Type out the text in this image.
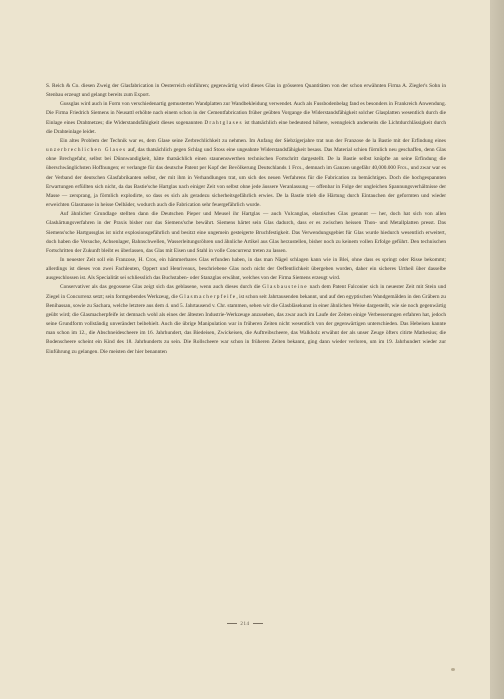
S. Reich & Co. diesen Zweig der Glasfabrication in Oesterreich einführen; gegenwärtig wird dieses Glas in grösseren Quantitäten von der schon erwähnten Firma A. Ziegler's Sohn in Stenbau erzeugt und gelangt bereits zum Export.

Gussglas wird auch in Form von verschiedenartig gemusterten Wandplatten zur Wandbekleidung verwendet. Auch als Fussbodenbelag fand es besonders in Frankreich Anwendung. Die Firma Friedrich Siemens in Neusattl erhöhte nach einem schon in der Cementfabrication früher geübten Vorgange die Widerstandsfähigkeit solcher Glasplatten wesentlich durch die Einlage eines Drahtnetzes; die Widerstandsfähigkeit dieses sogenannten Drahtglases ist thatsächlich eine bedeutend höhere, wenngleich anderseits die Lichtdurchlässigkeit durch die Drahteinlage leidet.

Ein altes Problem der Technik war es, dem Glase seine Zerbrechlichkeit zu nehmen. Im Anfang der Siebzigerjahre trat nun der Franzose de la Bastie mit der Erfindung eines unzerbrechlichen Glases auf, das thatsächlich gegen Schlag und Stoss eine ungeahnte Widerstandsfähigkeit besass. Das Material schien förmlich neu geschaffen, denn Glas ohne Brechgefahr, selbst bei Dünnwandigkeit, hätte thatsächlich einen staunenswerthen technischen Fortschritt dargestellt. De la Bastie selbst knüpfte an seine Erfindung die überschwänglichsten Hoffnungen; er verlangte für das deutsche Patent per Kopf der Bevölkerung Deutschlands 1 Frcs., demnach im Ganzen ungefähr 40,000.000 Frcs., und zwar war es der Verband der deutschen Glasfabrikanten selbst, der mit ihm in Verhandlungen trat, um sich des neuen Verfahrens für die Fabrication zu bemächtigen. Doch die hochgespannten Erwartungen erfüllten sich nicht, da das Bastie'sche Hartglas nach einiger Zeit von selbst ohne jede äussere Veranlassung — offenbar in Folge der ungleichen Spannungsverhältnisse der Masse — zersprang, ja förmlich explodirte, so dass es sich als geradezu sicherheitsgefährlich erwies. De la Bastie trieb die Härtung durch Eintauchen der geformten und wieder erweichten Glasmasse in heisse Oelbäder, wodurch auch die Fabrication sehr feuergefährlich wurde.

Auf ähnlicher Grundlage stellten dann die Deutschen Pieper und Meusel ihr Hartglas — auch Vulcanglas, elastisches Glas genannt — her, doch hat sich von allen Glashärtungsverfahren in der Praxis bisher nur das Siemens'sche bewährt. Siemens härtet sein Glas dadurch, dass er es zwischen heissen Thon- und Metallplatten presst. Das Siemens'sche Hartgussglas ist nicht explosionsgefährlich und besitzt eine ungemein gesteigerte Bruchfestigkeit. Das Verwendungsgebiet für Glas wurde hiedurch wesentlich erweitert, doch haben die Versuche, Achsenlager, Bahnschwellen, Wasserleitungsröhren und ähnliche Artikel aus Glas herzustellen, bisher noch zu keinem vollen Erfolge geführt. Den technischen Fortschritten der Zukunft bleibt es überlassen, das Glas mit Eisen und Stahl in volle Concurrenz treten zu lassen.

In neuester Zeit soll ein Franzose, H. Cros, ein hämmerbares Glas erfunden haben, in das man Nägel schlagen kann wie in Blei, ohne dass es springt oder Risse bekommt; allerdings ist dieses von zwei Fachleuten, Oppert und Henriveaux, beschriebene Glas noch nicht der Oeffentlichkeit übergeben worden, daher ein sicheres Urtheil über dasselbe ausgeschlossen ist. Als Specialität sei schliesslich das Buchstaben- oder Stanzglas erwähnt, welches von der Firma Siemens erzeugt wird.

Conservativer als das gegossene Glas zeigt sich das geblasene, wenn auch dieses durch die Glasbausteine nach dem Patent Falconier sich in neuester Zeit mit Stein und Ziegel in Concurrenz setzt; sein formgebendes Werkzeug, die Glasmacherpfeife, ist schon seit Jahrtausenden bekannt, und auf den egyptischen Wandgemälden in den Gräbern zu Benihassan, sowie zu Sachara, welche letztere aus dem 4. und 5. Jahrtausend v. Chr. stammen, sehen wir die Glasbläsekunst in einer ähnlichen Weise dargestellt, wie sie noch gegenwärtig geübt wird; die Glasmacherpfeife ist demnach wohl als eines der ältesten Industrie-Werkzeuge anzusehen, das zwar auch im Laufe der Zeiten einige Verbesserungen erfahren hat, jedoch seine Grundform vollständig unverändert beibehielt. Auch die übrige Manipulation war in früheren Zeiten nicht wesentlich von der gegenwärtigen unterschieden. Das Hebeisen kannte man schon im 12., die Abschneidescheere im 16. Jahrhundert, das Biedeisen, Zwickeisen, die Auftreibscheere, das Walkholz erwähnt der als unser Zeuge öfters citirte Mathesius; die Bodenscheere scheint ein Kind des 18. Jahrhunderts zu sein. Die Rollscheere war schon in früheren Zeiten bekannt, ging dann wieder verloren, um im 19. Jahrhundert wieder zur Einführung zu gelangen. Die meisten der hier benannten

214
